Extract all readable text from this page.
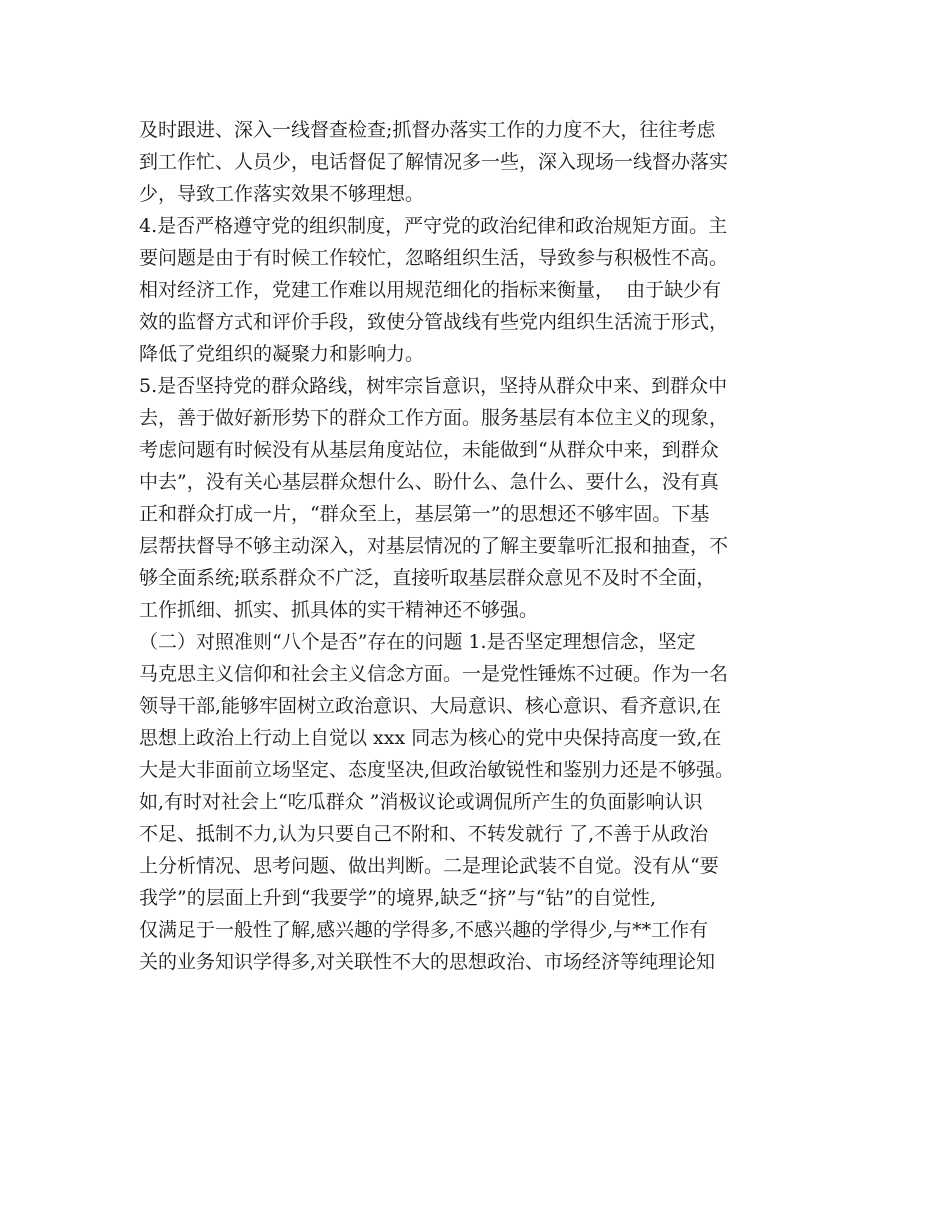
及时跟进、深入一线督查检查;抓督办落实工作的力度不大，往往考虑
到工作忙、人员少，电话督促了解情况多一些，深入现场一线督办落实
少，导致工作落实效果不够理想。
4.是否严格遵守党的组织制度，严守党的政治纪律和政治规矩方面。主
要问题是由于有时候工作较忙，忽略组织生活，导致参与积极性不高。
相对经济工作，党建工作难以用规范细化的指标来衡量，  由于缺少有
效的监督方式和评价手段，致使分管战线有些党内组织生活流于形式，
降低了党组织的凝聚力和影响力。
5.是否坚持党的群众路线，树牢宗旨意识，坚持从群众中来、到群众中
去，善于做好新形势下的群众工作方面。服务基层有本位主义的现象，
考虑问题有时候没有从基层角度站位，未能做到“从群众中来，到群众
中去”，没有关心基层群众想什么、盼什么、急什么、要什么，没有真
正和群众打成一片，“群众至上，基层第一”的思想还不够牢固。下基
层帮扶督导不够主动深入，对基层情况的了解主要靠听汇报和抽查，不
够全面系统;联系群众不广泛，直接听取基层群众意见不及时不全面，
工作抓细、抓实、抓具体的实干精神还不够强。
（二）对照准则“八个是否”存在的问题 1.是否坚定理想信念，坚定
马克思主义信仰和社会主义信念方面。一是党性锤炼不过硬。作为一名
领导干部,能够牢固树立政治意识、大局意识、核心意识、看齐意识,在
思想上政治上行动上自觉以 xxx 同志为核心的党中央保持高度一致,在
大是大非面前立场坚定、态度坚决,但政治敏锐性和鉴别力还是不够强。
如,有时对社会上“吃瓜群众 ”消极议论或调侃所产生的负面影响认识
不足、抵制不力,认为只要自己不附和、不转发就行 了,不善于从政治
上分析情况、思考问题、做出判断。二是理论武装不自觉。没有从“要
我学”的层面上升到“我要学”的境界,缺乏“挤”与“钻”的自觉性,
仅满足于一般性了解,感兴趣的学得多,不感兴趣的学得少,与**工作有
关的业务知识学得多,对关联性不大的思想政治、市场经济等纯理论知
